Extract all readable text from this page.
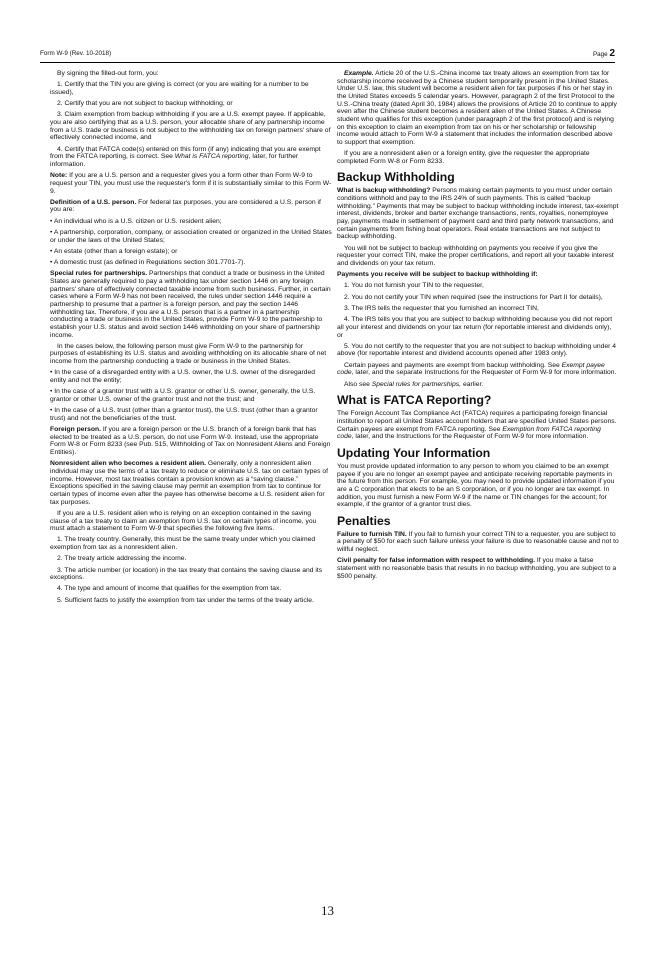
Form W-9 (Rev. 10-2018)	Page 2

By signing the filled-out form, you:

1. Certify that the TIN you are giving is correct (or you are waiting for a number to be issued),

2. Certify that you are not subject to backup withholding, or

3. Claim exemption from backup withholding if you are a U.S. exempt payee. If applicable, you are also certifying that as a U.S. person, your allocable share of any partnership income from a U.S. trade or business is not subject to the withholding tax on foreign partners' share of effectively connected income, and

4. Certify that FATCA code(s) entered on this form (if any) indicating that you are exempt from the FATCA reporting, is correct. See What is FATCA reporting, later, for further information.

Note: If you are a U.S. person and a requester gives you a form other than Form W-9 to request your TIN, you must use the requester's form if it is substantially similar to this Form W-9.

Definition of a U.S. person. For federal tax purposes, you are considered a U.S. person if you are:

• An individual who is a U.S. citizen or U.S. resident alien;

• A partnership, corporation, company, or association created or organized in the United States or under the laws of the United States;

• An estate (other than a foreign estate); or

• A domestic trust (as defined in Regulations section 301.7701-7).

Special rules for partnerships. Partnerships that conduct a trade or business in the United States are generally required to pay a withholding tax under section 1446 on any foreign partners' share of effectively connected taxable income from such business. Further, in certain cases where a Form W-9 has not been received, the rules under section 1446 require a partnership to presume that a partner is a foreign person, and pay the section 1446 withholding tax. Therefore, if you are a U.S. person that is a partner in a partnership conducting a trade or business in the United States, provide Form W-9 to the partnership to establish your U.S. status and avoid section 1446 withholding on your share of partnership income.

In the cases below, the following person must give Form W-9 to the partnership for purposes of establishing its U.S. status and avoiding withholding on its allocable share of net income from the partnership conducting a trade or business in the United States.

• In the case of a disregarded entity with a U.S. owner, the U.S. owner of the disregarded entity and not the entity;

• In the case of a grantor trust with a U.S. grantor or other U.S. owner, generally, the U.S. grantor or other U.S. owner of the grantor trust and not the trust; and

• In the case of a U.S. trust (other than a grantor trust), the U.S. trust (other than a grantor trust) and not the beneficiaries of the trust.

Foreign person. If you are a foreign person or the U.S. branch of a foreign bank that has elected to be treated as a U.S. person, do not use Form W-9. Instead, use the appropriate Form W-8 or Form 8233 (see Pub. 515, Withholding of Tax on Nonresident Aliens and Foreign Entities).

Nonresident alien who becomes a resident alien. Generally, only a nonresident alien individual may use the terms of a tax treaty to reduce or eliminate U.S. tax on certain types of income. However, most tax treaties contain a provision known as a “saving clause.” Exceptions specified in the saving clause may permit an exemption from tax to continue for certain types of income even after the payee has otherwise become a U.S. resident alien for tax purposes.

If you are a U.S. resident alien who is relying on an exception contained in the saving clause of a tax treaty to claim an exemption from U.S. tax on certain types of income, you must attach a statement to Form W-9 that specifies the following five items.

1. The treaty country. Generally, this must be the same treaty under which you claimed exemption from tax as a nonresident alien.

2. The treaty article addressing the income.

3. The article number (or location) in the tax treaty that contains the saving clause and its exceptions.

4. The type and amount of income that qualifies for the exemption from tax.

5. Sufficient facts to justify the exemption from tax under the terms of the treaty article.

Example. Article 20 of the U.S.-China income tax treaty allows an exemption from tax for scholarship income received by a Chinese student temporarily present in the United States. Under U.S. law, this student will become a resident alien for tax purposes if his or her stay in the United States exceeds 5 calendar years. However, paragraph 2 of the first Protocol to the U.S.-China treaty (dated April 30, 1984) allows the provisions of Article 20 to continue to apply even after the Chinese student becomes a resident alien of the United States. A Chinese student who qualifies for this exception (under paragraph 2 of the first protocol) and is relying on this exception to claim an exemption from tax on his or her scholarship or fellowship income would attach to Form W-9 a statement that includes the information described above to support that exemption.

If you are a nonresident alien or a foreign entity, give the requester the appropriate completed Form W-8 or Form 8233.

Backup Withholding

What is backup withholding? Persons making certain payments to you must under certain conditions withhold and pay to the IRS 24% of such payments. This is called “backup withholding.” Payments that may be subject to backup withholding include interest, tax-exempt interest, dividends, broker and barter exchange transactions, rents, royalties, nonemployee pay, payments made in settlement of payment card and third party network transactions, and certain payments from fishing boat operators. Real estate transactions are not subject to backup withholding.

You will not be subject to backup withholding on payments you receive if you give the requester your correct TIN, make the proper certifications, and report all your taxable interest and dividends on your tax return.

Payments you receive will be subject to backup withholding if:

1. You do not furnish your TIN to the requester,

2. You do not certify your TIN when required (see the instructions for Part II for details),

3. The IRS tells the requester that you furnished an incorrect TIN,

4. The IRS tells you that you are subject to backup withholding because you did not report all your interest and dividends on your tax return (for reportable interest and dividends only), or

5. You do not certify to the requester that you are not subject to backup withholding under 4 above (for reportable interest and dividend accounts opened after 1983 only).

Certain payees and payments are exempt from backup withholding. See Exempt payee code, later, and the separate Instructions for the Requester of Form W-9 for more information.

Also see Special rules for partnerships, earlier.

What is FATCA Reporting?

The Foreign Account Tax Compliance Act (FATCA) requires a participating foreign financial institution to report all United States account holders that are specified United States persons. Certain payees are exempt from FATCA reporting. See Exemption from FATCA reporting code, later, and the Instructions for the Requester of Form W-9 for more information.

Updating Your Information

You must provide updated information to any person to whom you claimed to be an exempt payee if you are no longer an exempt payee and anticipate receiving reportable payments in the future from this person. For example, you may need to provide updated information if you are a C corporation that elects to be an S corporation, or if you no longer are tax exempt. In addition, you must furnish a new Form W-9 if the name or TIN changes for the account; for example, if the grantor of a grantor trust dies.

Penalties

Failure to furnish TIN. If you fail to furnish your correct TIN to a requester, you are subject to a penalty of $50 for each such failure unless your failure is due to reasonable cause and not to willful neglect.

Civil penalty for false information with respect to withholding. If you make a false statement with no reasonable basis that results in no backup withholding, you are subject to a $500 penalty.

13
